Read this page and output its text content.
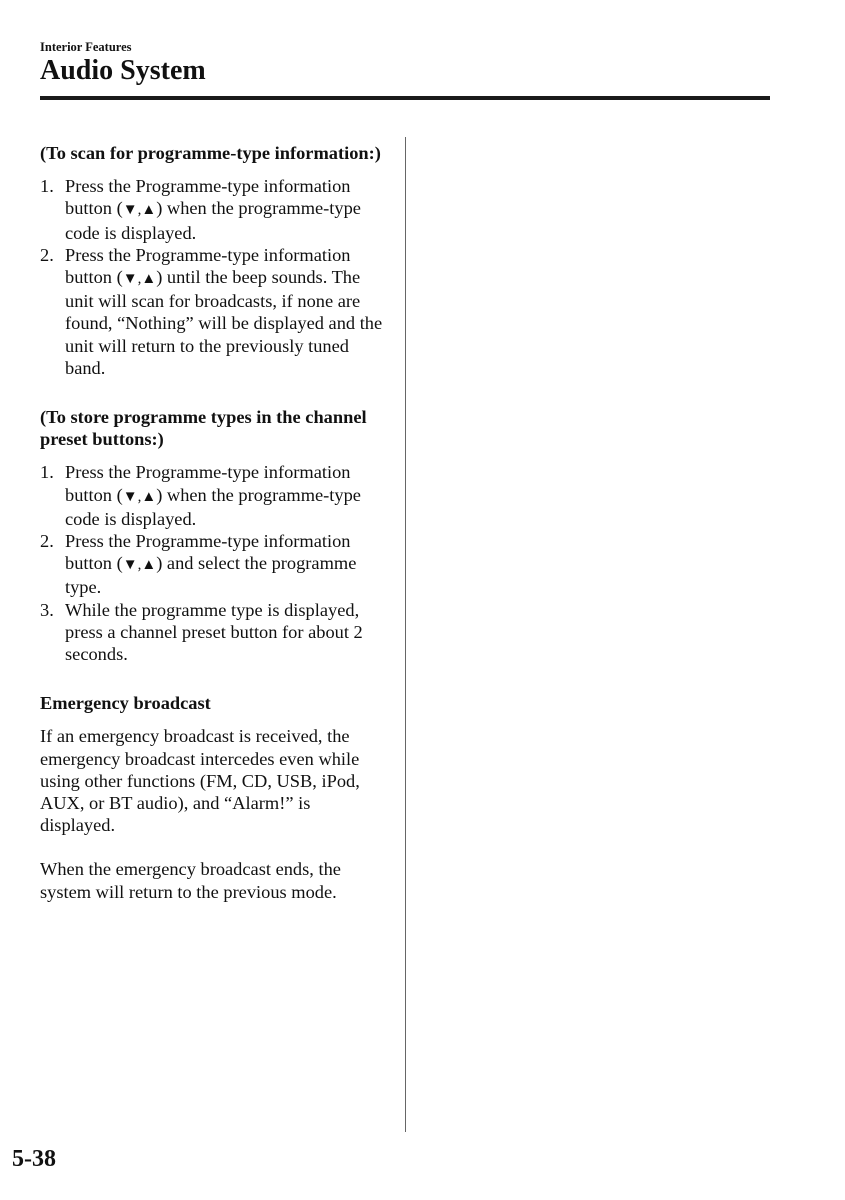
Interior Features
Audio System

(To scan for programme-type information:)

1. Press the Programme-type information button (▼,▲) when the programme-type code is displayed.
2. Press the Programme-type information button (▼,▲) until the beep sounds. The unit will scan for broadcasts, if none are found, “Nothing” will be displayed and the unit will return to the previously tuned band.

(To store programme types in the channel preset buttons:)

1. Press the Programme-type information button (▼,▲) when the programme-type code is displayed.
2. Press the Programme-type information button (▼,▲) and select the programme type.
3. While the programme type is displayed, press a channel preset button for about 2 seconds.

Emergency broadcast

If an emergency broadcast is received, the emergency broadcast intercedes even while using other functions (FM, CD, USB, iPod, AUX, or BT audio), and “Alarm!” is displayed.

When the emergency broadcast ends, the system will return to the previous mode.

5-38
